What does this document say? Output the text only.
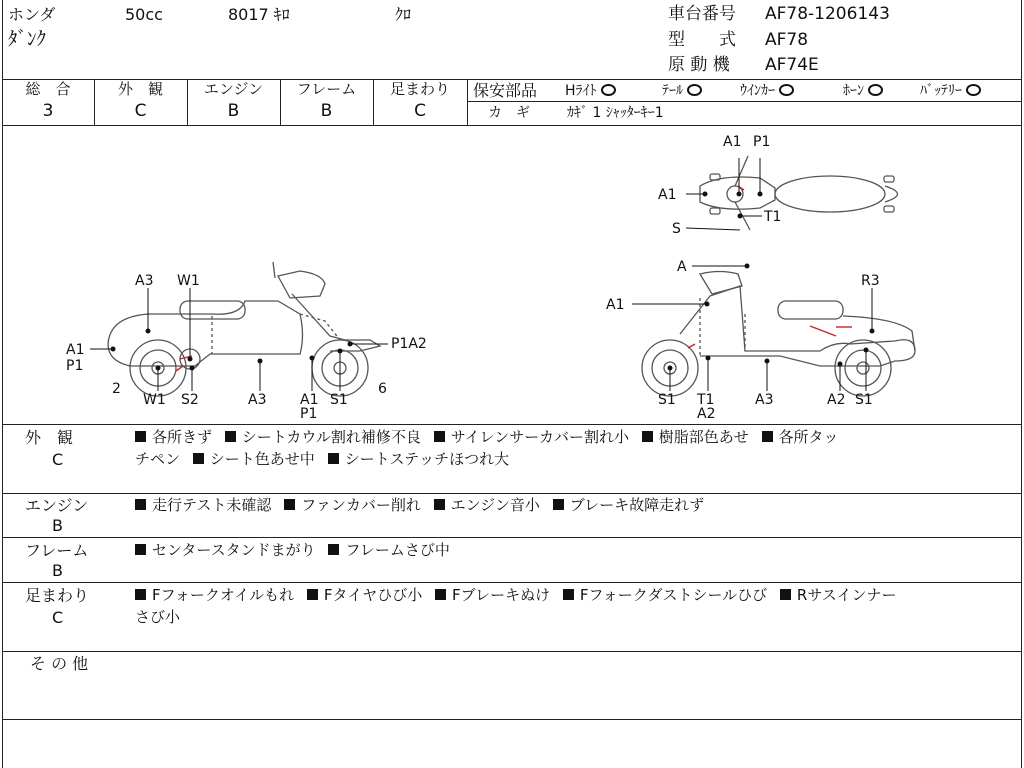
ホンダ	50cc	8017 ｷﾛ	ｸﾛ
ﾀﾞﾝｸ
車台番号 AF78-1206143
型　　式 AF78
原 動 機 AF74E
総　合
3
外　観
C
エンジン
B
フレーム
B
足まわり
C
保安部品 Hﾗｲﾄ	ﾃｰﾙ	ｳｲﾝｶｰ	ﾎｰﾝ	ﾊﾞｯﾃﾘｰ
カ　ギ	ｶｷﾞ 1 ｼｬｯﾀｰｷｰ1
A3 W1
A1
P1
2
W1 S2	A3 A1
P1
S1
P1A2
6
A
A1
R3
S1 T1
A2
A3	A2 S1
A1 P1
A1
T1
S
外　観
C
各所きず シートカウル割れ補修不良 サイレンサーカバー割れ小 樹脂部色あせ 各所タッ
チペン シート色あせ中 シートステッチほつれ大
エンジン
B
走行テスト未確認 ファンカバー削れ エンジン音小 ブレーキ故障走れず
フレーム
B
センタースタンドまがり フレームさび中
足まわり
C
Fフォークオイルもれ Fタイヤひび小 Fブレーキぬけ Fフォークダストシールひび Rサスインナー
さび小
そ の 他
